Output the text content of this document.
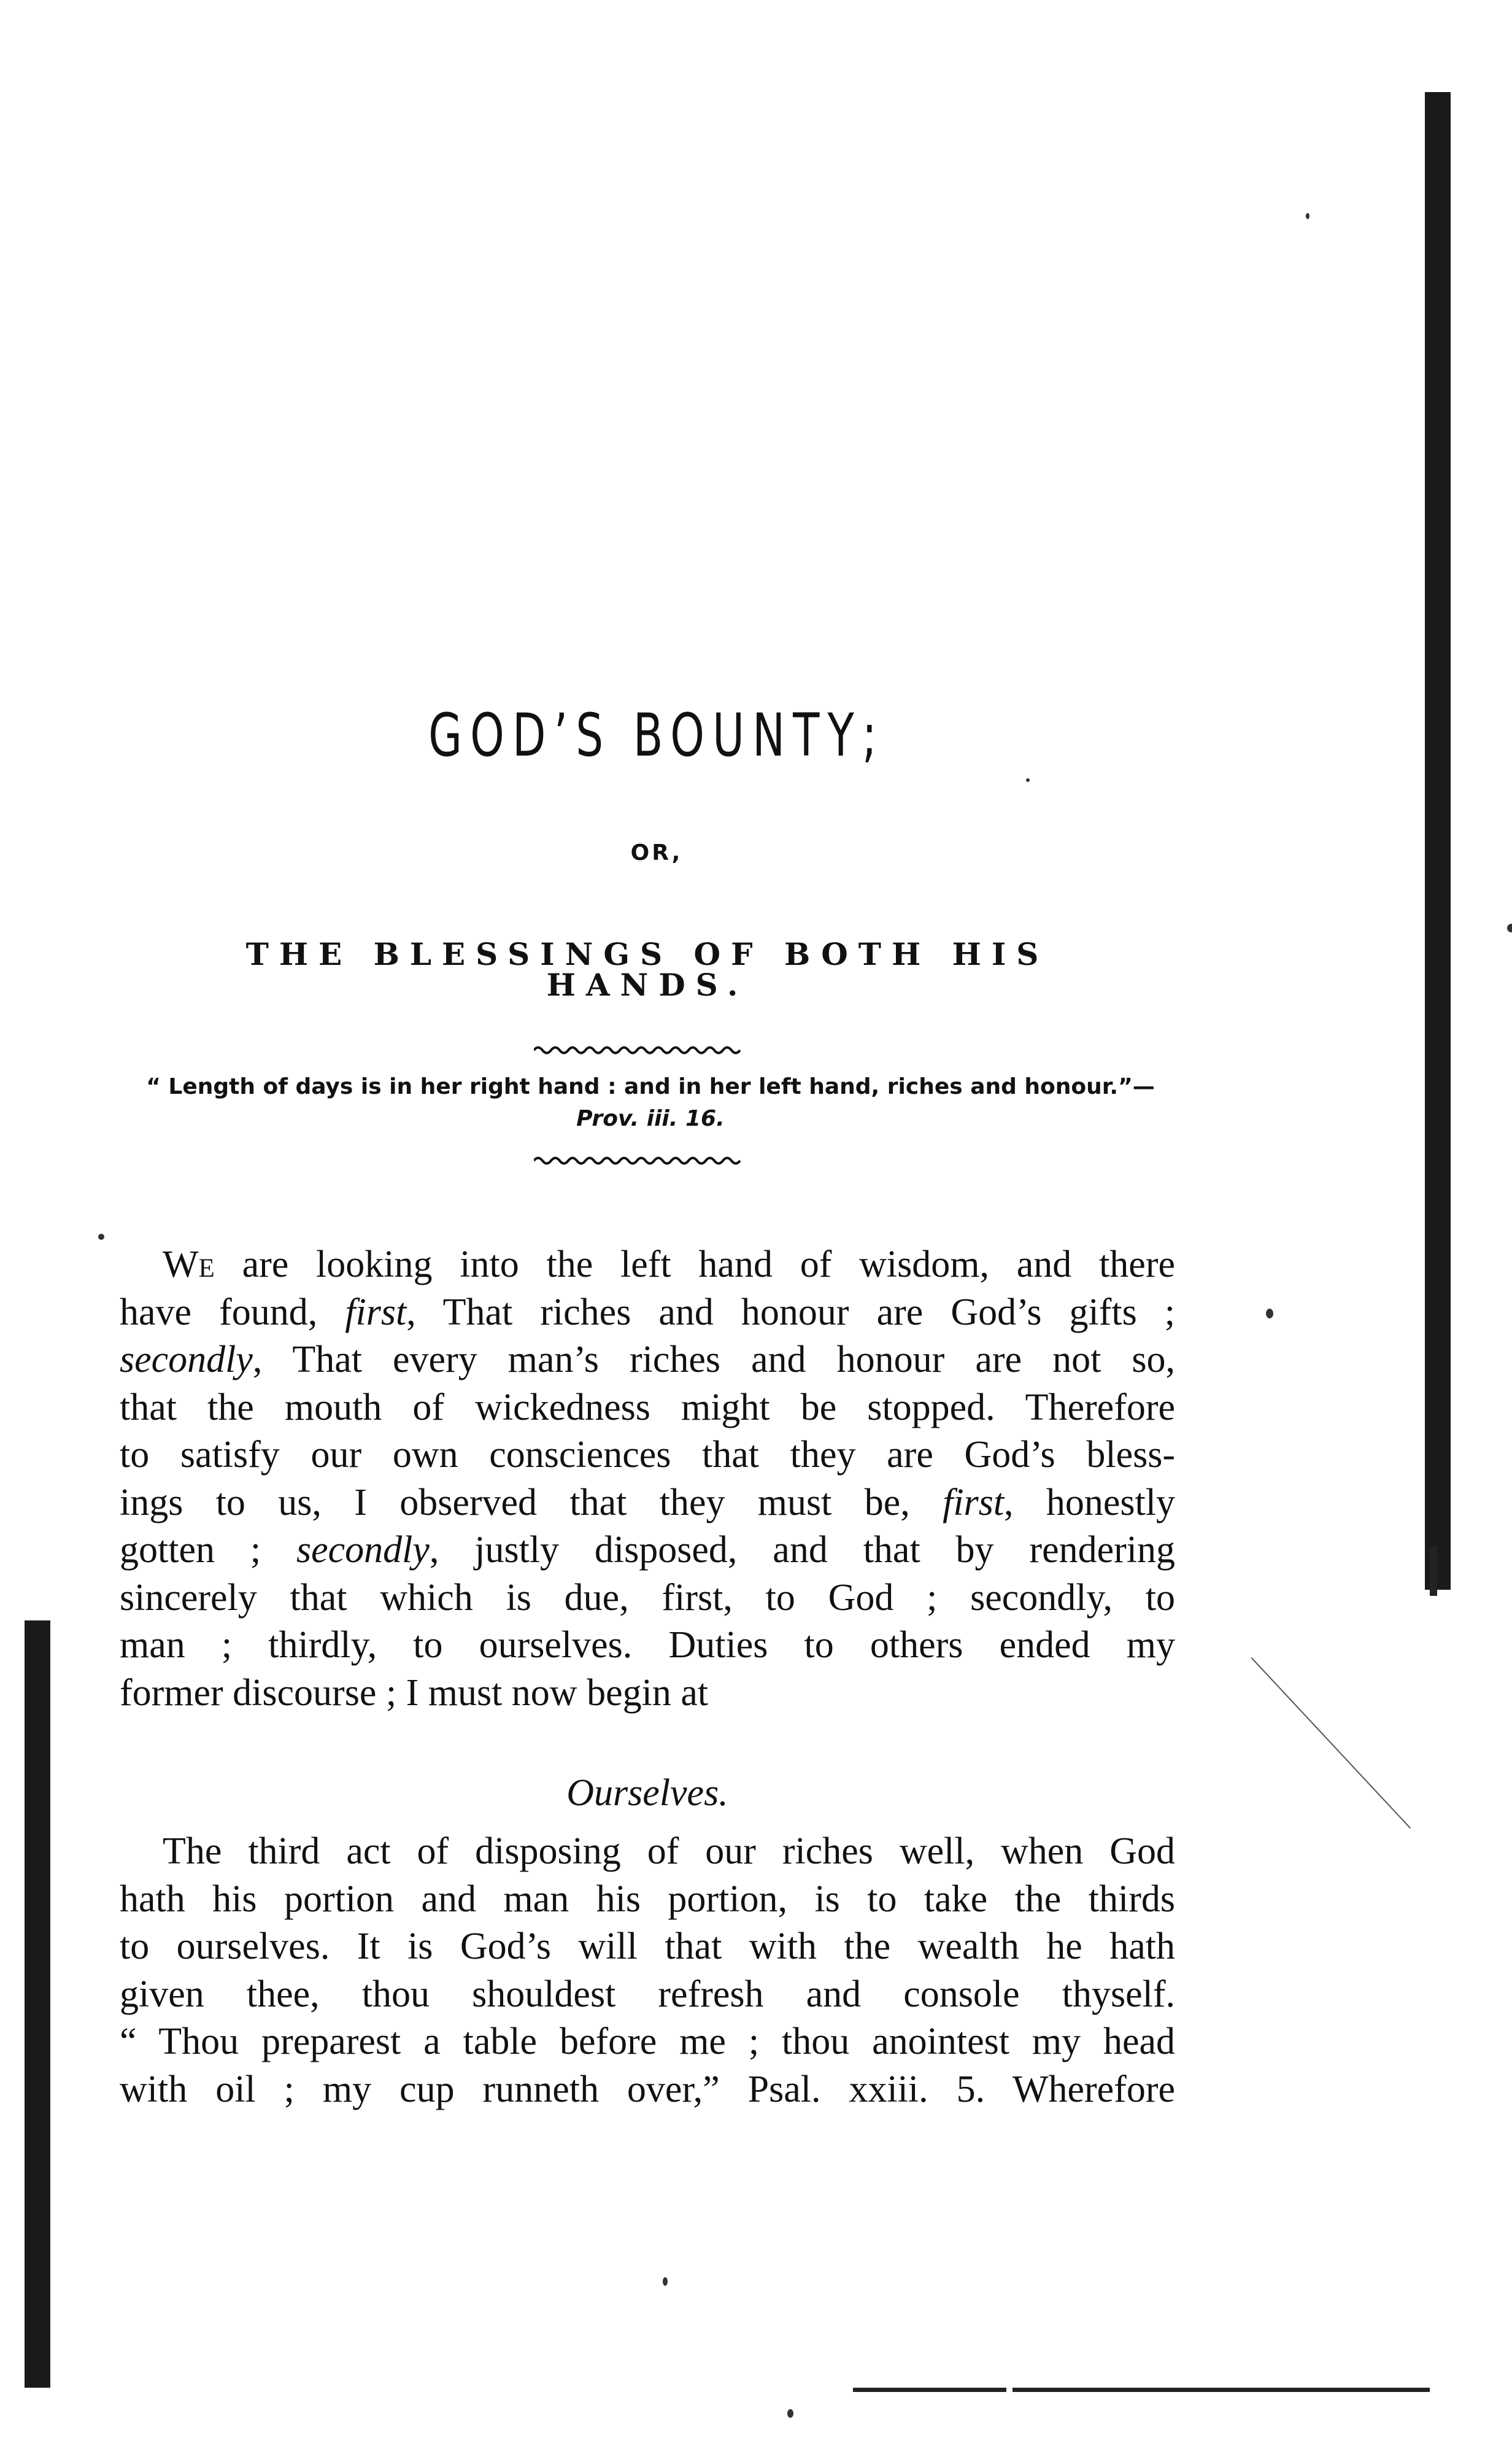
GOD’S BOUNTY;
OR,
THE BLESSINGS OF BOTH HIS HANDS.
“ Length of days is in her right hand : and in her left hand, riches and honour.”—
Prov. iii. 16.
We are looking into the left hand of wisdom, and there
have found, first, That riches and honour are God’s gifts ;
secondly, That every man’s riches and honour are not so,
that the mouth of wickedness might be stopped. Therefore
to satisfy our own consciences that they are God’s bless-
ings to us, I observed that they must be, first, honestly
gotten ; secondly, justly disposed, and that by rendering
sincerely that which is due, first, to God ; secondly, to
man ; thirdly, to ourselves. Duties to others ended my
former discourse ; I must now begin at
Ourselves.
The third act of disposing of our riches well, when God
hath his portion and man his portion, is to take the thirds
to ourselves. It is God’s will that with the wealth he hath
given thee, thou shouldest refresh and console thyself.
“ Thou preparest a table before me ; thou anointest my head
with oil ; my cup runneth over,” Psal. xxiii. 5. Wherefore
